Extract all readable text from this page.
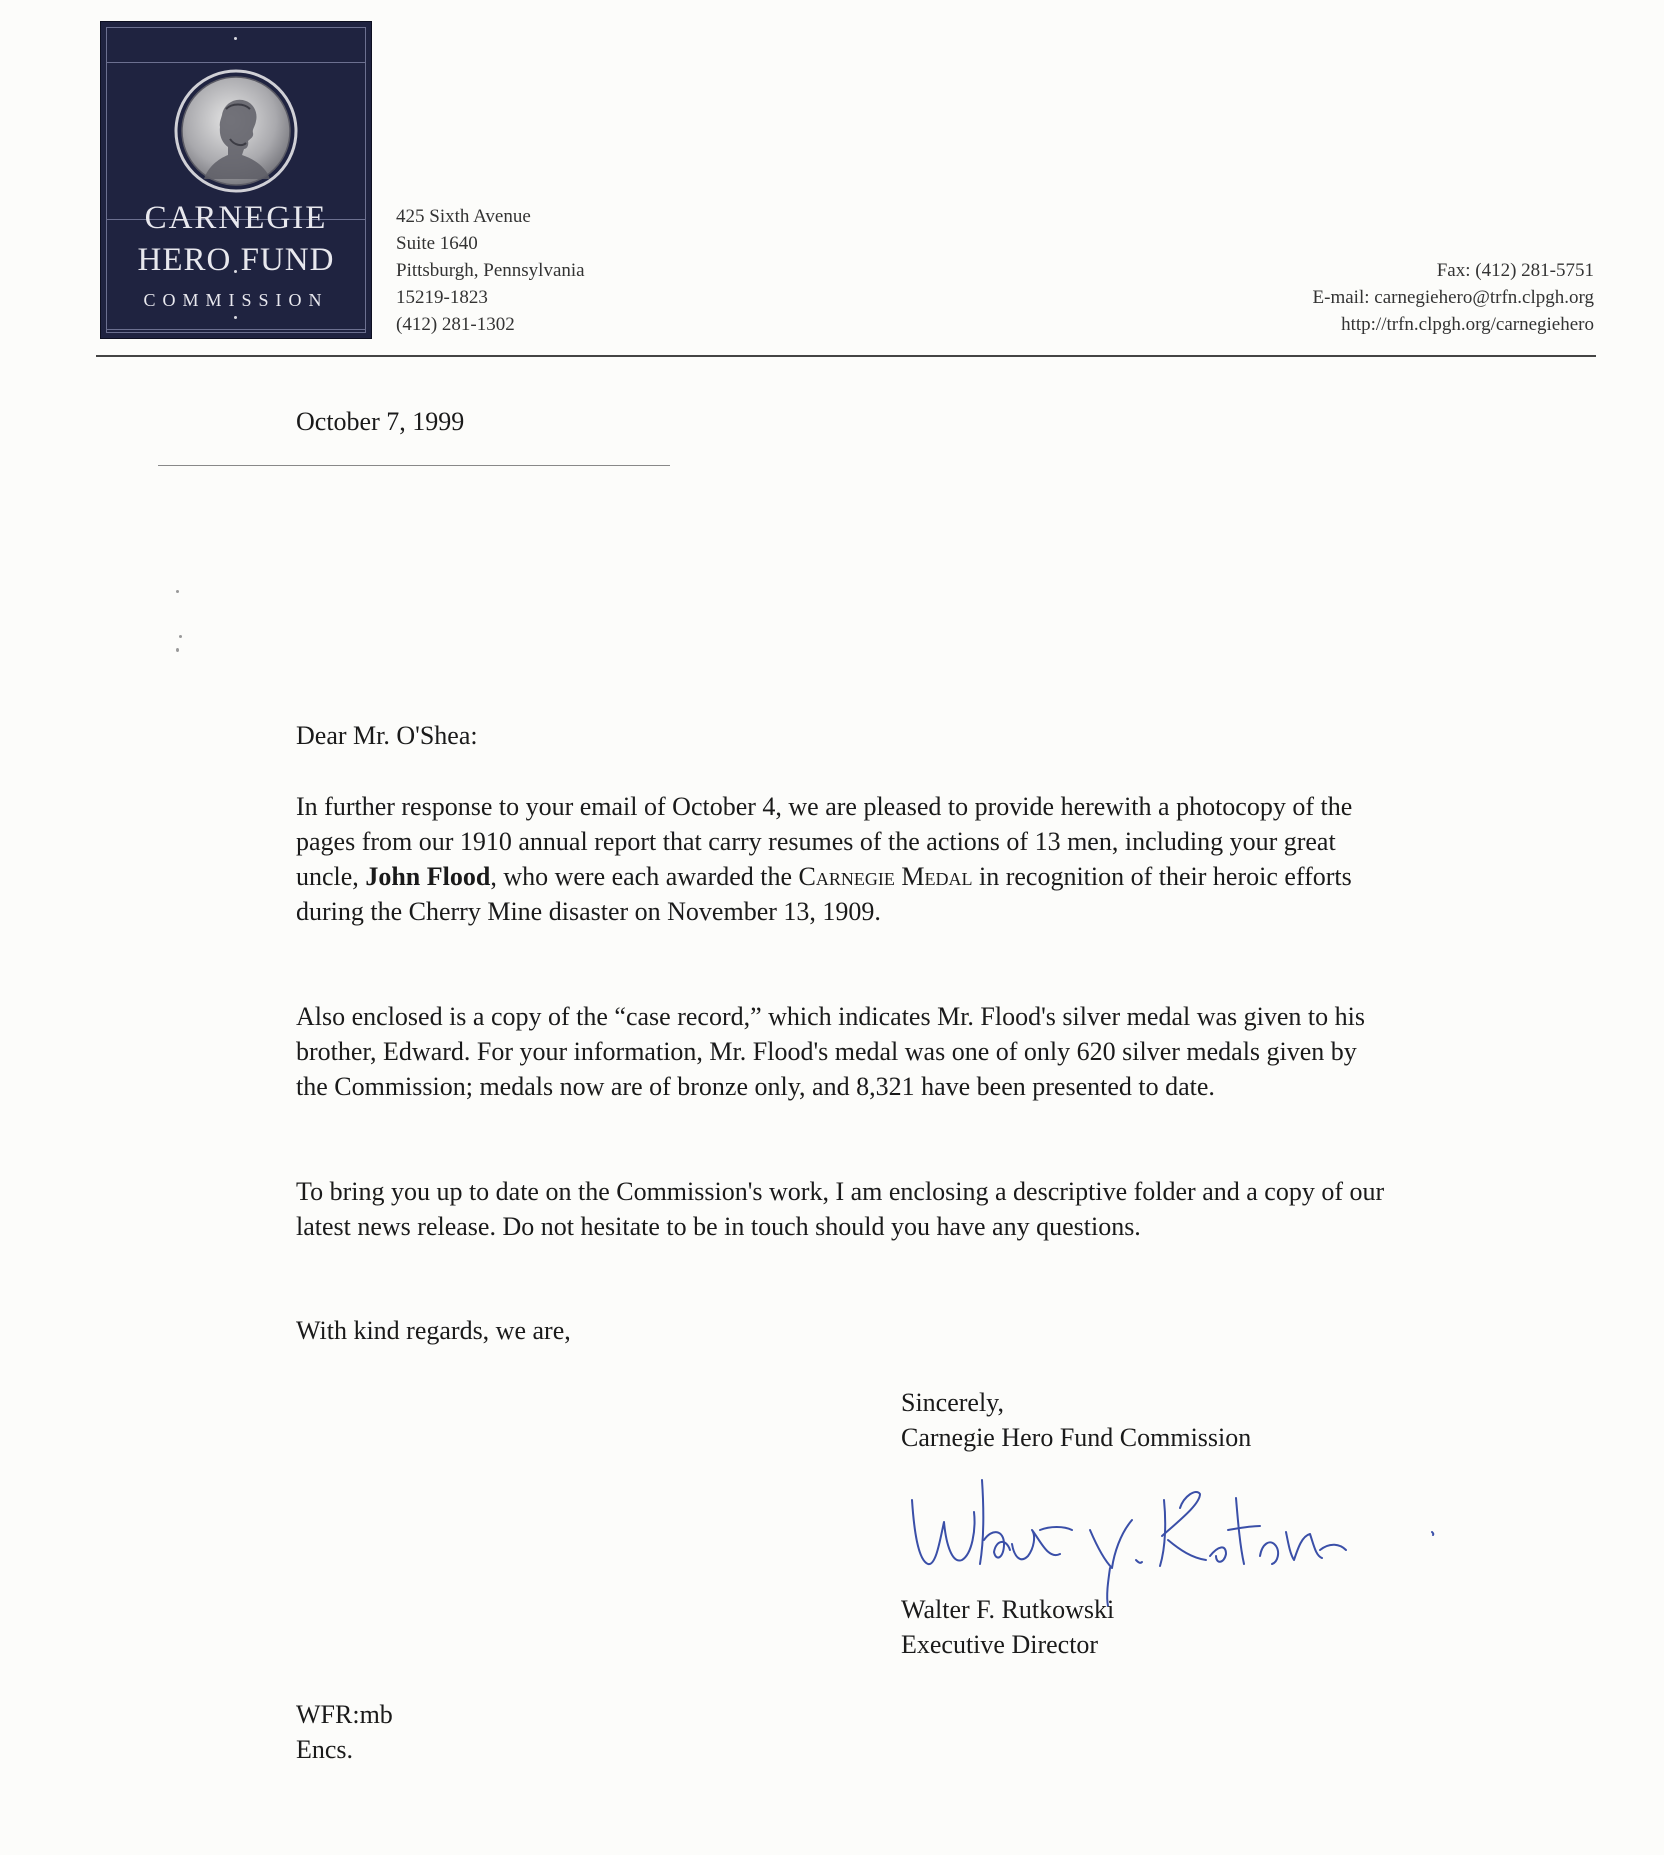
CARNEGIE
HERO FUND
COMMISSION
425 Sixth Avenue
Suite 1640
Pittsburgh, Pennsylvania
15219-1823
(412) 281-1302
Fax: (412) 281-5751
E-mail: carnegiehero@trfn.clpgh.org
http://trfn.clpgh.org/carnegiehero
October 7, 1999
Dear Mr. O'Shea:

In further response to your email of October 4, we are pleased to provide herewith a photocopy of the pages from our 1910 annual report that carry resumes of the actions of 13 men, including your great uncle, John Flood, who were each awarded the Carnegie Medal in recognition of their heroic efforts during the Cherry Mine disaster on November 13, 1909.

Also enclosed is a copy of the “case record,” which indicates Mr. Flood's silver medal was given to his brother, Edward. For your information, Mr. Flood's medal was one of only 620 silver medals given by the Commission; medals now are of bronze only, and 8,321 have been presented to date.

To bring you up to date on the Commission's work, I am enclosing a descriptive folder and a copy of our latest news release. Do not hesitate to be in touch should you have any questions.

With kind regards, we are,
Sincerely,
Carnegie Hero Fund Commission
Walter F. Rutkowski
Executive Director
WFR:mb
Encs.
